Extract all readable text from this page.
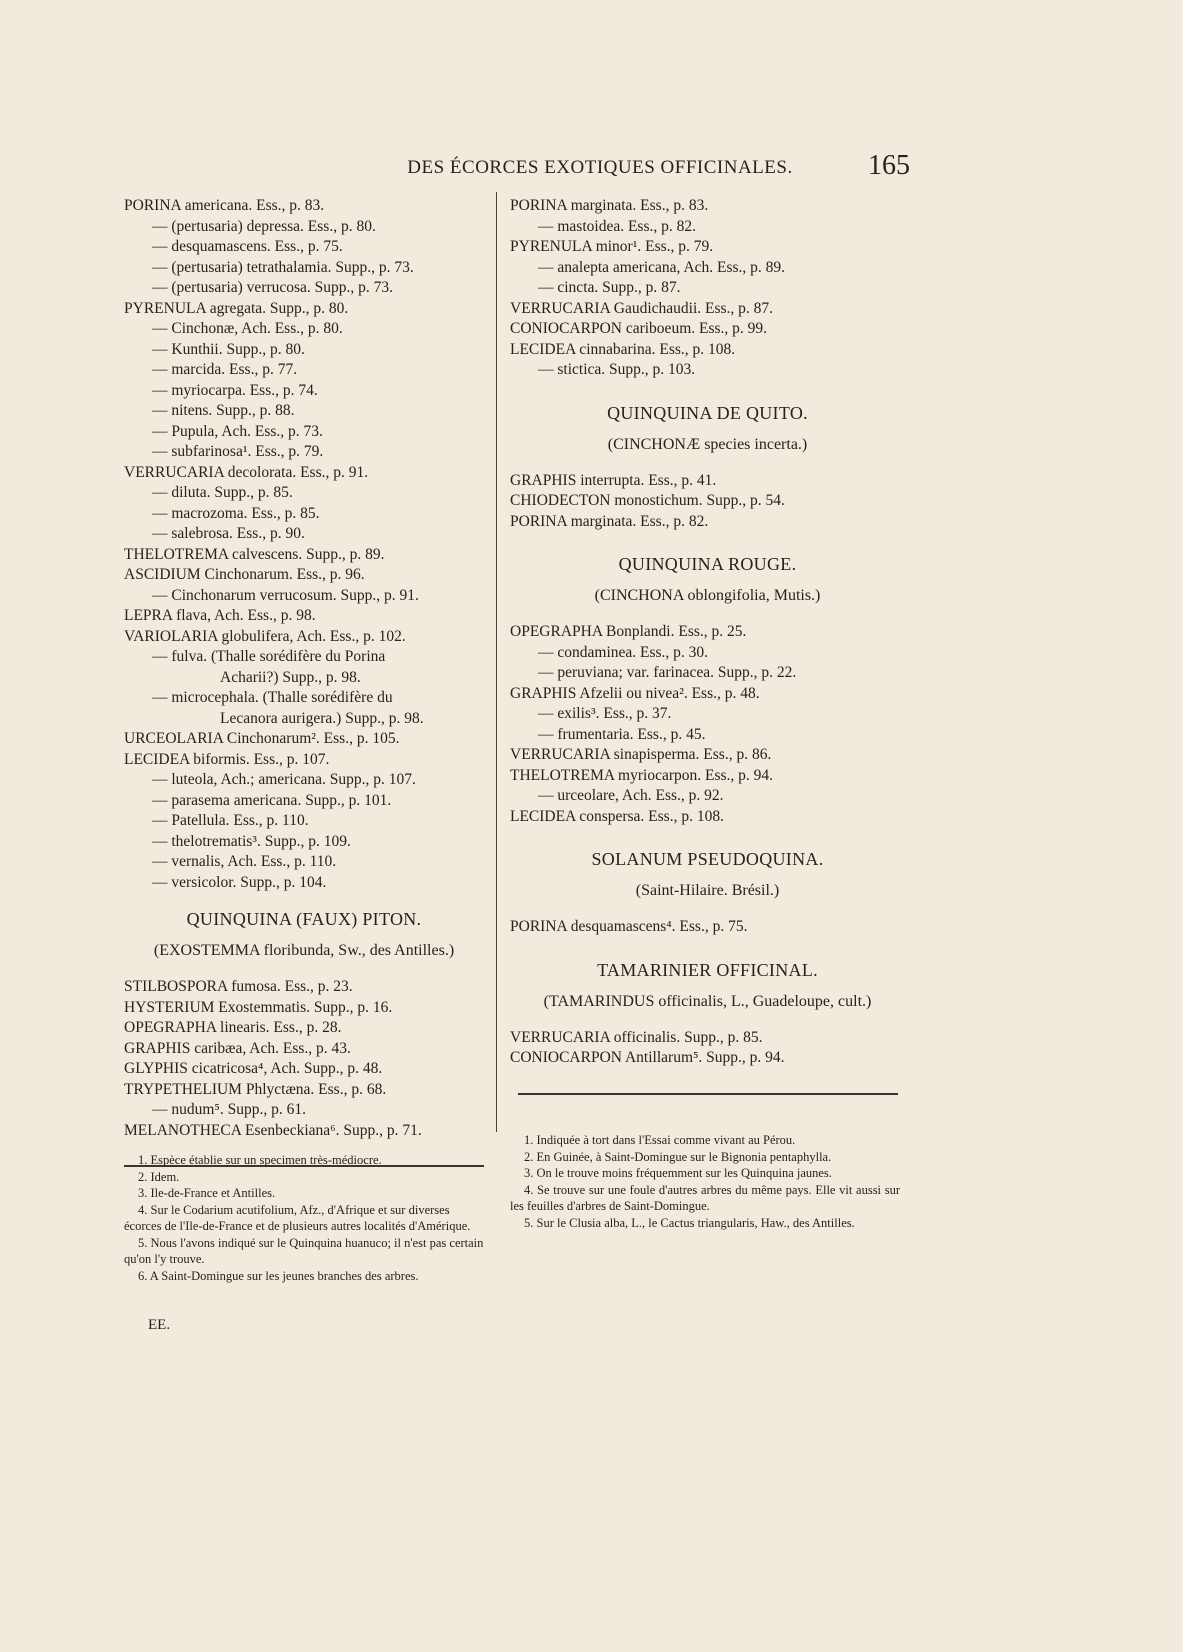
DES ÉCORCES EXOTIQUES OFFICINALES.	165
PORINA americana. Ess., p. 83.
— (pertusaria) depressa. Ess., p. 80.
— desquamascens. Ess., p. 75.
— (pertusaria) tetrathalamia. Supp., p. 73.
— (pertusaria) verrucosa. Supp., p. 73.
PYRENULA agregata. Supp., p. 80.
— Cinchonæ, Ach. Ess., p. 80.
— Kunthii. Supp., p. 80.
— marcida. Ess., p. 77.
— myriocarpa. Ess., p. 74.
— nitens. Supp., p. 88.
— Pupula, Ach. Ess., p. 73.
— subfarinosa¹. Ess., p. 79.
VERRUCARIA decolorata. Ess., p. 91.
— diluta. Supp., p. 85.
— macrozoma. Ess., p. 85.
— salebrosa. Ess., p. 90.
THELOTREMA calvescens. Supp., p. 89.
ASCIDIUM Cinchonarum. Ess., p. 96.
— Cinchonarum verrucosum. Supp., p. 91.
LEPRA flava, Ach. Ess., p. 98.
VARIOLARIA globulifera, Ach. Ess., p. 102.
— fulva. (Thalle sorédifère du Porina
Acharii?) Supp., p. 98.
— microcephala. (Thalle sorédifère du
Lecanora aurigera.) Supp., p. 98.
URCEOLARIA Cinchonarum². Ess., p. 105.
LECIDEA biformis. Ess., p. 107.
— luteola, Ach.; americana. Supp., p. 107.
— parasema americana. Supp., p. 101.
— Patellula. Ess., p. 110.
— thelotrematis³. Supp., p. 109.
— vernalis, Ach. Ess., p. 110.
— versicolor. Supp., p. 104.
QUINQUINA (FAUX) PITON.
(EXOSTEMMA floribunda, Sw., des Antilles.)
STILBOSPORA fumosa. Ess., p. 23.
HYSTERIUM Exostemmatis. Supp., p. 16.
OPEGRAPHA linearis. Ess., p. 28.
GRAPHIS caribæa, Ach. Ess., p. 43.
GLYPHIS cicatricosa⁴, Ach. Supp., p. 48.
TRYPETHELIUM Phlyctæna. Ess., p. 68.
— nudum⁵. Supp., p. 61.
MELANOTHECA Esenbeckiana⁶. Supp., p. 71.
PORINA marginata. Ess., p. 83.
— mastoidea. Ess., p. 82.
PYRENULA minor¹. Ess., p. 79.
— analepta americana, Ach. Ess., p. 89.
— cincta. Supp., p. 87.
VERRUCARIA Gaudichaudii. Ess., p. 87.
CONIOCARPON cariboeum. Ess., p. 99.
LECIDEA cinnabarina. Ess., p. 108.
— stictica. Supp., p. 103.
QUINQUINA DE QUITO.
(CINCHONÆ species incerta.)
GRAPHIS interrupta. Ess., p. 41.
CHIODECTON monostichum. Supp., p. 54.
PORINA marginata. Ess., p. 82.
QUINQUINA ROUGE.
(CINCHONA oblongifolia, Mutis.)
OPEGRAPHA Bonplandi. Ess., p. 25.
— condaminea. Ess., p. 30.
— peruviana; var. farinacea. Supp., p. 22.
GRAPHIS Afzelii ou nivea². Ess., p. 48.
— exilis³. Ess., p. 37.
— frumentaria. Ess., p. 45.
VERRUCARIA sinapisperma. Ess., p. 86.
THELOTREMA myriocarpon. Ess., p. 94.
— urceolare, Ach. Ess., p. 92.
LECIDEA conspersa. Ess., p. 108.
SOLANUM PSEUDOQUINA.
(Saint-Hilaire. Brésil.)
PORINA desquamascens⁴. Ess., p. 75.
TAMARINIER OFFICINAL.
(TAMARINDUS officinalis, L., Guadeloupe, cult.)
VERRUCARIA officinalis. Supp., p. 85.
CONIOCARPON Antillarum⁵. Supp., p. 94.
1. Espèce établie sur un specimen très-médiocre.
2. Idem.
3. Ile-de-France et Antilles.
4. Sur le Codarium acutifolium, Afz., d'Afrique et sur diverses écorces de l'Ile-de-France et de plusieurs autres localités d'Amérique.
5. Nous l'avons indiqué sur le Quinquina huanuco; il n'est pas certain qu'on l'y trouve.
6. A Saint-Domingue sur les jeunes branches des arbres.
1. Indiquée à tort dans l'Essai comme vivant au Pérou.
2. En Guinée, à Saint-Domingue sur le Bignonia pentaphylla.
3. On le trouve moins fréquemment sur les Quinquina jaunes.
4. Se trouve sur une foule d'autres arbres du même pays. Elle vit aussi sur les feuilles d'arbres de Saint-Domingue.
5. Sur le Clusia alba, L., le Cactus triangularis, Haw., des Antilles.
EE.
